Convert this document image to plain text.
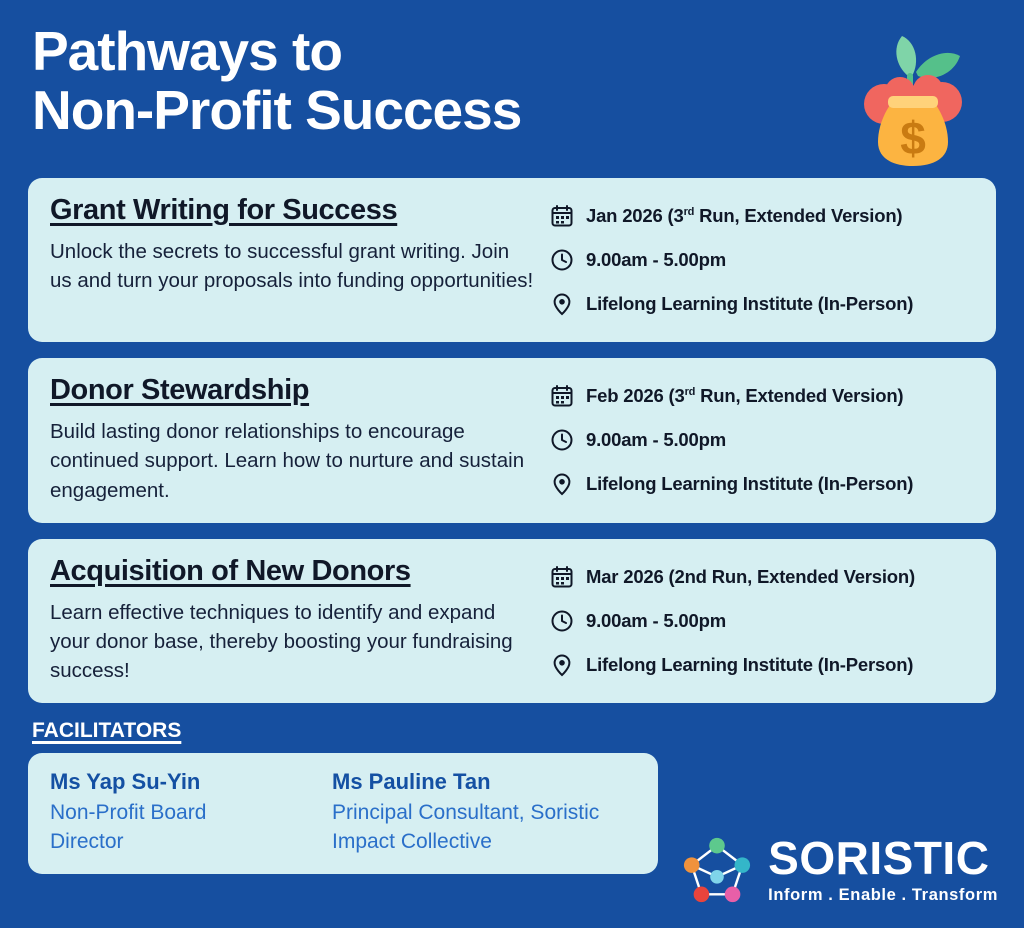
Pathways to
Non-Profit Success	$
Grant Writing for Success
Unlock the secrets to successful grant writing. Join us and turn your proposals into funding opportunities!
Jan 2026 (3rd Run, Extended Version)
9.00am - 5.00pm
Lifelong Learning Institute (In-Person)
Donor Stewardship
Build lasting donor relationships to encourage continued support. Learn how to nurture and sustain engagement.
Feb 2026 (3rd Run, Extended Version)
9.00am - 5.00pm
Lifelong Learning Institute (In-Person)
Acquisition of New Donors
Learn effective techniques to identify and expand your donor base, thereby boosting your fundraising success!
Mar 2026 (2nd Run, Extended Version)
9.00am - 5.00pm
Lifelong Learning Institute (In-Person)
FACILITATORS
Ms Yap Su-Yin
Non-Profit Board Director
Ms Pauline Tan
Principal Consultant, Soristic Impact Collective	SORISTIC
Inform . Enable . Transform
